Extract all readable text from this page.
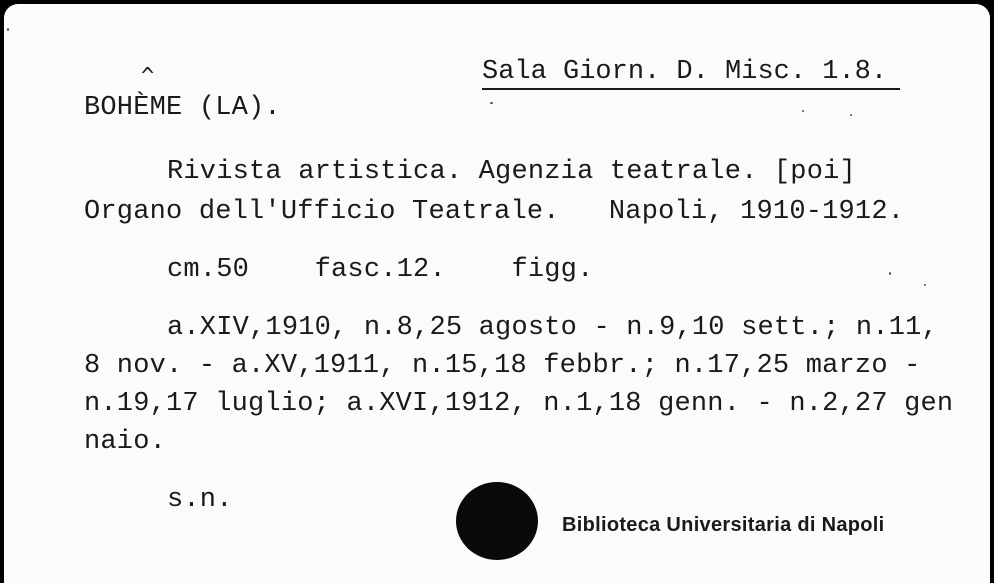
Sala Giorn. D. Misc. 1.8.
^
BOHÈME (LA).
Rivista artistica. Agenzia teatrale. [poi]
Organo dell'Ufficio Teatrale.   Napoli, 1910-1912.
cm.50    fasc.12.    figg.
a.XIV,1910, n.8,25 agosto - n.9,10 sett.; n.11,
8 nov. - a.XV,1911, n.15,18 febbr.; n.17,25 marzo -
n.19,17 luglio; a.XVI,1912, n.1,18 genn. - n.2,27 gen
naio.
s.n.
Biblioteca Universitaria di Napoli
